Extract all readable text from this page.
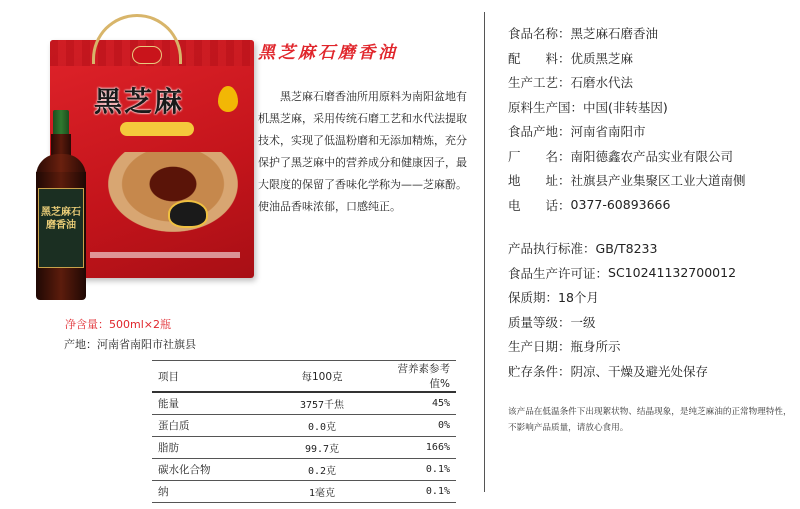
黑芝麻
黑芝麻石磨香油
净含量：500ml×2瓶
产地：河南省南阳市社旗县
黑芝麻石磨香油

黑芝麻石磨香油所用原料为南阳盆地有机黑芝麻，采用传统石磨工艺和水代法提取技术，实现了低温粉磨和无添加精炼，充分保护了黑芝麻中的营养成分和健康因子，最大限度的保留了香味化学称为——芝麻酚。使油品香味浓郁，口感纯正。

项目	每100克	营养素参考值%
能量	3757千焦	45%
蛋白质	0.0克	0%
脂肪	99.7克	166%
碳水化合物	0.2克	0.1%
纳	1毫克	0.1%
食品名称： 黑芝麻石磨香油
配　　料： 优质黑芝麻
生产工艺： 石磨水代法
原料生产国： 中国(非转基因)
食品产地： 河南省南阳市
厂　　名： 南阳德鑫农产品实业有限公司
地　　址： 社旗县产业集聚区工业大道南侧
电　　话： 0377-60893666
产品执行标准： GB/T8233
食品生产许可证： SC10241132700012
保质期： 18个月
质量等级： 一级
生产日期： 瓶身所示
贮存条件： 阴凉、干燥及避光处保存

该产品在低温条件下出现絮状物、结晶现象，是纯芝麻油的正常物理特性，不影响产品质量，请放心食用。
